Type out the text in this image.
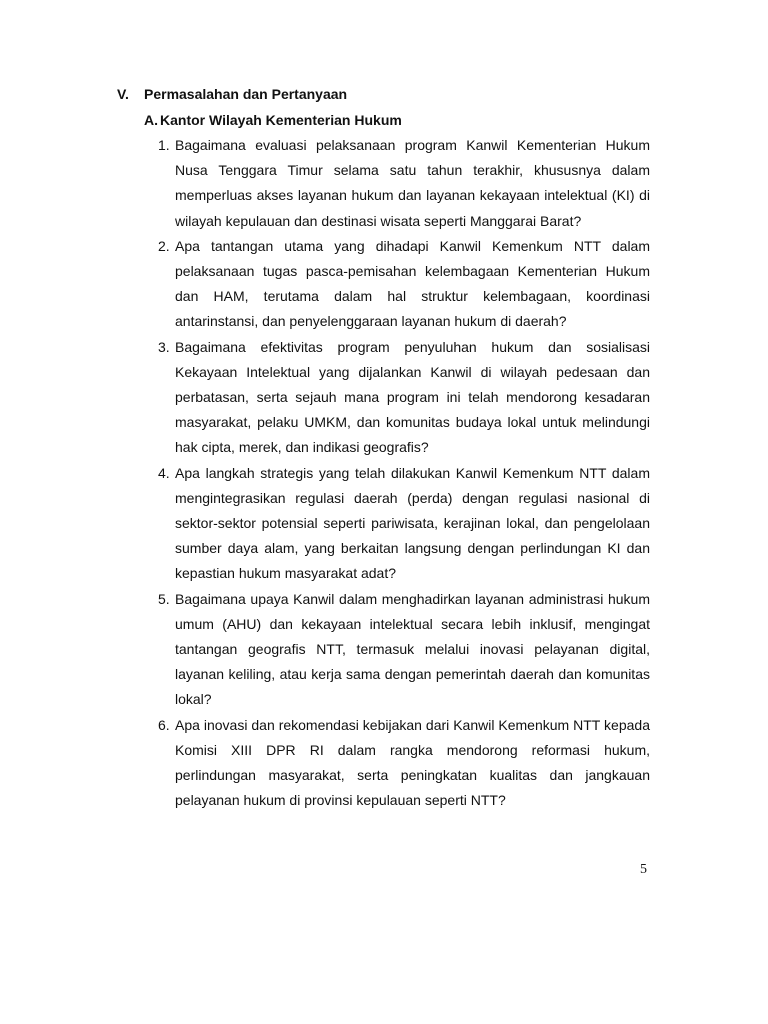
V. Permasalahan dan Pertanyaan
A. Kantor Wilayah Kementerian Hukum
1. Bagaimana evaluasi pelaksanaan program Kanwil Kementerian Hukum Nusa Tenggara Timur selama satu tahun terakhir, khususnya dalam memperluas akses layanan hukum dan layanan kekayaan intelektual (KI) di wilayah kepulauan dan destinasi wisata seperti Manggarai Barat?
2. Apa tantangan utama yang dihadapi Kanwil Kemenkum NTT dalam pelaksanaan tugas pasca-pemisahan kelembagaan Kementerian Hukum dan HAM, terutama dalam hal struktur kelembagaan, koordinasi antarinstansi, dan penyelenggaraan layanan hukum di daerah?
3. Bagaimana efektivitas program penyuluhan hukum dan sosialisasi Kekayaan Intelektual yang dijalankan Kanwil di wilayah pedesaan dan perbatasan, serta sejauh mana program ini telah mendorong kesadaran masyarakat, pelaku UMKM, dan komunitas budaya lokal untuk melindungi hak cipta, merek, dan indikasi geografis?
4. Apa langkah strategis yang telah dilakukan Kanwil Kemenkum NTT dalam mengintegrasikan regulasi daerah (perda) dengan regulasi nasional di sektor-sektor potensial seperti pariwisata, kerajinan lokal, dan pengelolaan sumber daya alam, yang berkaitan langsung dengan perlindungan KI dan kepastian hukum masyarakat adat?
5. Bagaimana upaya Kanwil dalam menghadirkan layanan administrasi hukum umum (AHU) dan kekayaan intelektual secara lebih inklusif, mengingat tantangan geografis NTT, termasuk melalui inovasi pelayanan digital, layanan keliling, atau kerja sama dengan pemerintah daerah dan komunitas lokal?
6. Apa inovasi dan rekomendasi kebijakan dari Kanwil Kemenkum NTT kepada Komisi XIII DPR RI dalam rangka mendorong reformasi hukum, perlindungan masyarakat, serta peningkatan kualitas dan jangkauan pelayanan hukum di provinsi kepulauan seperti NTT?
5
